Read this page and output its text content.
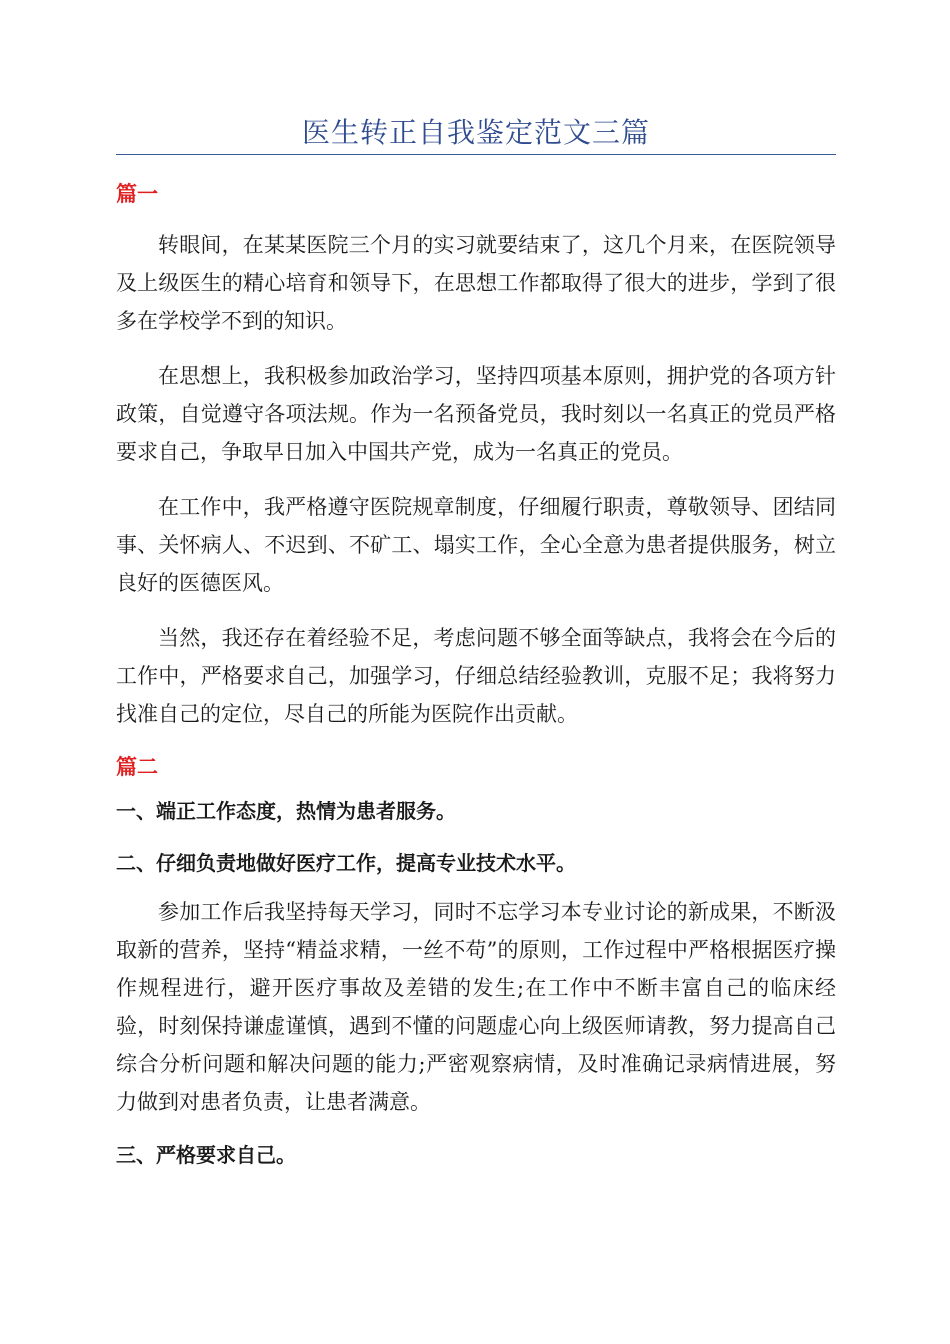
医生转正自我鉴定范文三篇

篇一

转眼间，在某某医院三个月的实习就要结束了，这几个月来，在医院领导及上级医生的精心培育和领导下，在思想工作都取得了很大的进步，学到了很多在学校学不到的知识。

在思想上，我积极参加政治学习，坚持四项基本原则，拥护党的各项方针政策，自觉遵守各项法规。作为一名预备党员，我时刻以一名真正的党员严格要求自己，争取早日加入中国共产党，成为一名真正的党员。

在工作中，我严格遵守医院规章制度，仔细履行职责，尊敬领导、团结同事、关怀病人、不迟到、不矿工、塌实工作，全心全意为患者提供服务，树立良好的医德医风。

当然，我还存在着经验不足，考虑问题不够全面等缺点，我将会在今后的工作中，严格要求自己，加强学习，仔细总结经验教训，克服不足；我将努力找准自己的定位，尽自己的所能为医院作出贡献。

篇二

一、端正工作态度，热情为患者服务。

二、仔细负责地做好医疗工作，提高专业技术水平。

参加工作后我坚持每天学习，同时不忘学习本专业讨论的新成果，不断汲取新的营养，坚持“精益求精，一丝不苟”的原则，工作过程中严格根据医疗操作规程进行，避开医疗事故及差错的发生;在工作中不断丰富自己的临床经验，时刻保持谦虚谨慎，遇到不懂的问题虚心向上级医师请教，努力提高自己综合分析问题和解决问题的能力;严密观察病情，及时准确记录病情进展，努力做到对患者负责，让患者满意。

三、严格要求自己。
